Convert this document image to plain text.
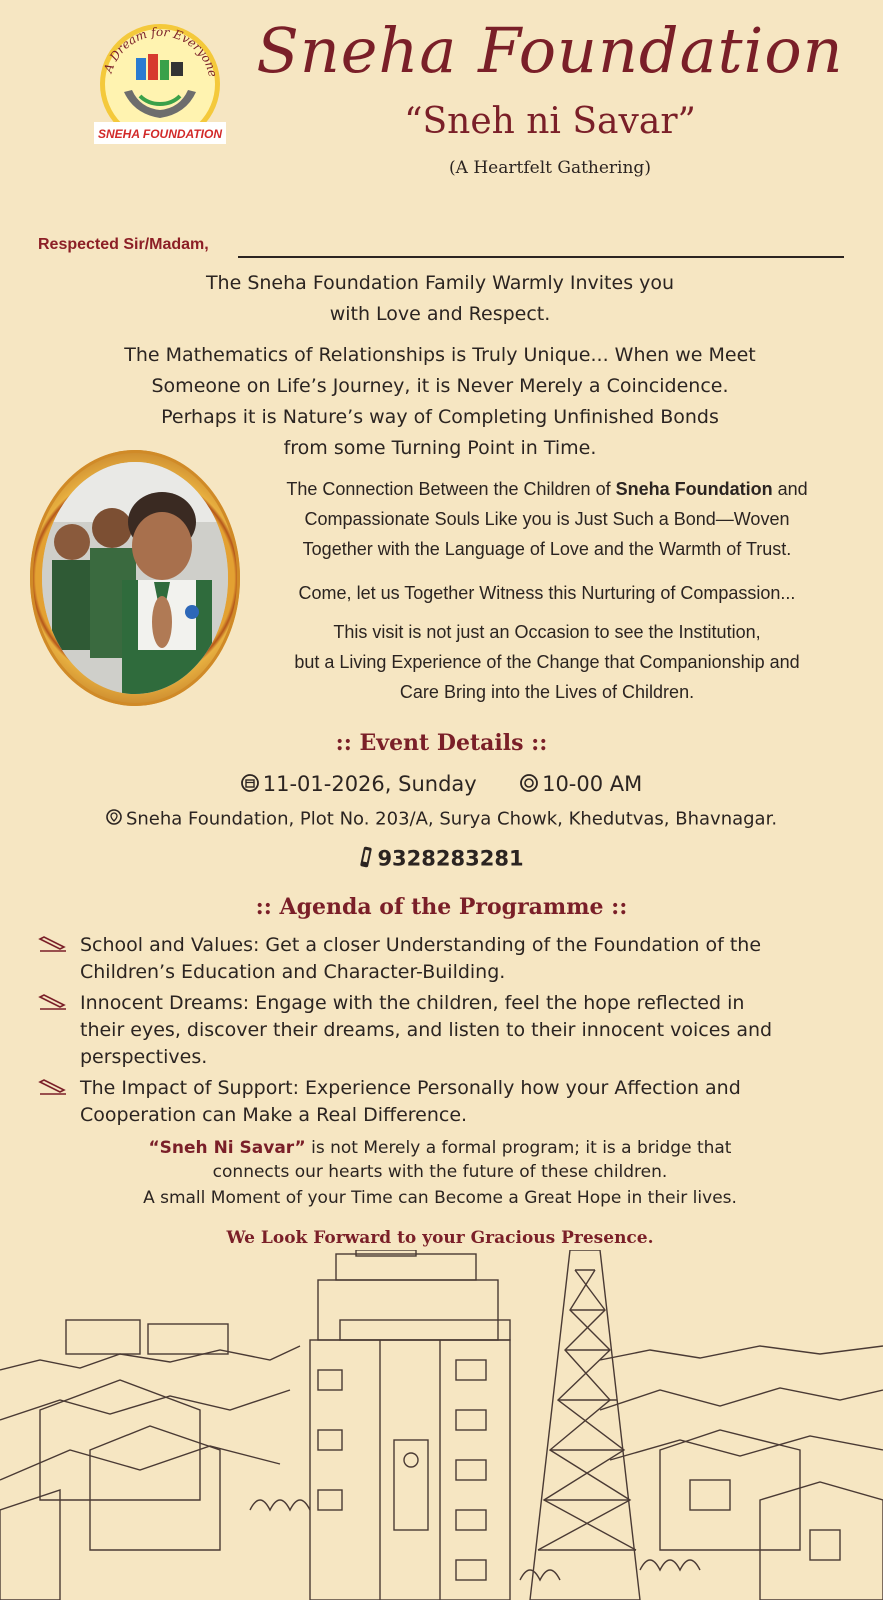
A Dream for Everyone
SNEHA FOUNDATION
Sneha Foundation
“Sneh ni Savar”
(A Heartfelt Gathering)
Respected Sir/Madam,
The Sneha Foundation Family Warmly Invites you
with Love and Respect.
The Mathematics of Relationships is Truly Unique... When we Meet
Someone on Life’s Journey, it is Never Merely a Coincidence.
Perhaps it is Nature’s way of Completing Unfinished Bonds
from some Turning Point in Time.
The Connection Between the Children of Sneha Foundation and
Compassionate Souls Like you is Just Such a Bond—Woven
Together with the Language of Love and the Warmth of Trust.
Come, let us Together Witness this Nurturing of Compassion...
This visit is not just an Occasion to see the Institution,
but a Living Experience of the Change that Companionship and
Care Bring into the Lives of Children.
:: Event Details ::
11-01-2026, Sunday	10-00 AM
Sneha Foundation, Plot No. 203/A, Surya Chowk, Khedutvas, Bhavnagar.
9328283281
:: Agenda of the Programme ::
School and Values: Get a closer Understanding of the Foundation of the
Children’s Education and Character-Building.
Innocent Dreams: Engage with the children, feel the hope reflected in
their eyes, discover their dreams, and listen to their innocent voices and
perspectives.
The Impact of Support: Experience Personally how your Affection and
Cooperation can Make a Real Difference.
“Sneh Ni Savar” is not Merely a formal program; it is a bridge that
connects our hearts with the future of these children.
A small Moment of your Time can Become a Great Hope in their lives.
We Look Forward to your Gracious Presence.
